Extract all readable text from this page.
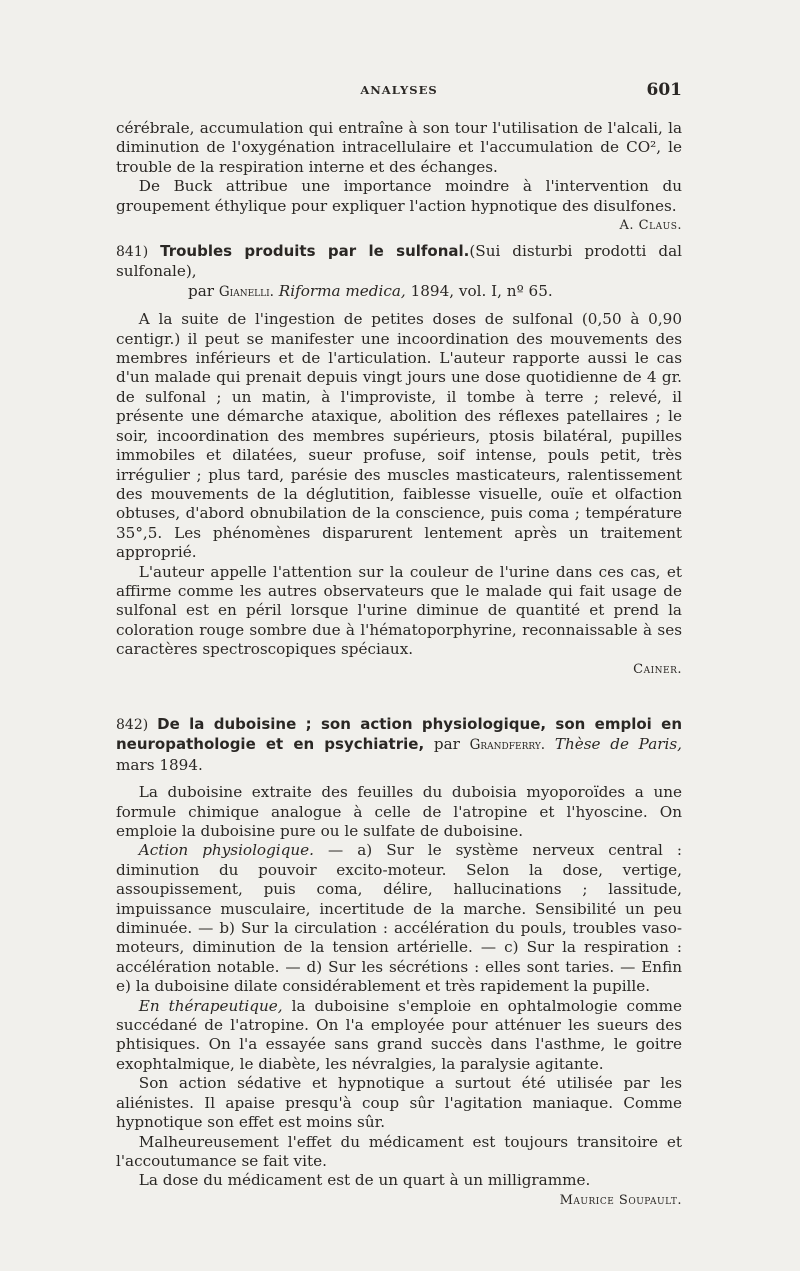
ANALYSES	601

cérébrale, accumulation qui entraîne à son tour l'utilisation de l'alcali, la diminution de l'oxygénation intracellulaire et l'accumulation de CO², le trouble de la respiration interne et des échanges.

De Buck attribue une importance moindre à l'intervention du groupement éthylique pour expliquer l'action hypnotique des disulfones.
A. Claus.

841) Troubles produits par le sulfonal.(Sui disturbi prodotti dal sulfonale),

par Gianelli. Riforma medica, 1894, vol. I, nº 65.

A la suite de l'ingestion de petites doses de sulfonal (0,50 à 0,90 centigr.) il peut se manifester une incoordination des mouvements des membres inférieurs et de l'articulation. L'auteur rapporte aussi le cas d'un malade qui prenait depuis vingt jours une dose quotidienne de 4 gr. de sulfonal ; un matin, à l'improviste, il tombe à terre ; relevé, il présente une démarche ataxique, abolition des réflexes patellaires ; le soir, incoordination des membres supérieurs, ptosis bilatéral, pupilles immobiles et dilatées, sueur profuse, soif intense, pouls petit, très irrégulier ; plus tard, parésie des muscles masticateurs, ralentissement des mouvements de la déglutition, faiblesse visuelle, ouïe et olfaction obtuses, d'abord obnubilation de la conscience, puis coma ; température 35°,5. Les phénomènes disparurent lentement après un traitement approprié.

L'auteur appelle l'attention sur la couleur de l'urine dans ces cas, et affirme comme les autres observateurs que le malade qui fait usage de sulfonal est en péril lorsque l'urine diminue de quantité et prend la coloration rouge sombre due à l'hématoporphyrine, reconnaissable à ses caractères spectroscopiques spéciaux.

Cainer.

842) De la duboisine ; son action physiologique, son emploi en neuropathologie et en psychiatrie, par Grandferry. Thèse de Paris, mars 1894.

La duboisine extraite des feuilles du duboisia myoporoïdes a une formule chimique analogue à celle de l'atropine et l'hyoscine. On emploie la duboisine pure ou le sulfate de duboisine.

Action physiologique. — a) Sur le système nerveux central : diminution du pouvoir excito-moteur. Selon la dose, vertige, assoupissement, puis coma, délire, hallucinations ; lassitude, impuissance musculaire, incertitude de la marche. Sensibilité un peu diminuée. — b) Sur la circulation : accélération du pouls, troubles vaso-moteurs, diminution de la tension artérielle. — c) Sur la respiration : accélération notable. — d) Sur les sécrétions : elles sont taries. — Enfin e) la duboisine dilate considérablement et très rapidement la pupille.

En thérapeutique, la duboisine s'emploie en ophtalmologie comme succédané de l'atropine. On l'a employée pour atténuer les sueurs des phtisiques. On l'a essayée sans grand succès dans l'asthme, le goitre exophtalmique, le diabète, les névralgies, la paralysie agitante.

Son action sédative et hypnotique a surtout été utilisée par les aliénistes. Il apaise presqu'à coup sûr l'agitation maniaque. Comme hypnotique son effet est moins sûr.

Malheureusement l'effet du médicament est toujours transitoire et l'accoutumance se fait vite.

La dose du médicament est de un quart à un milligramme.

Maurice Soupault.
